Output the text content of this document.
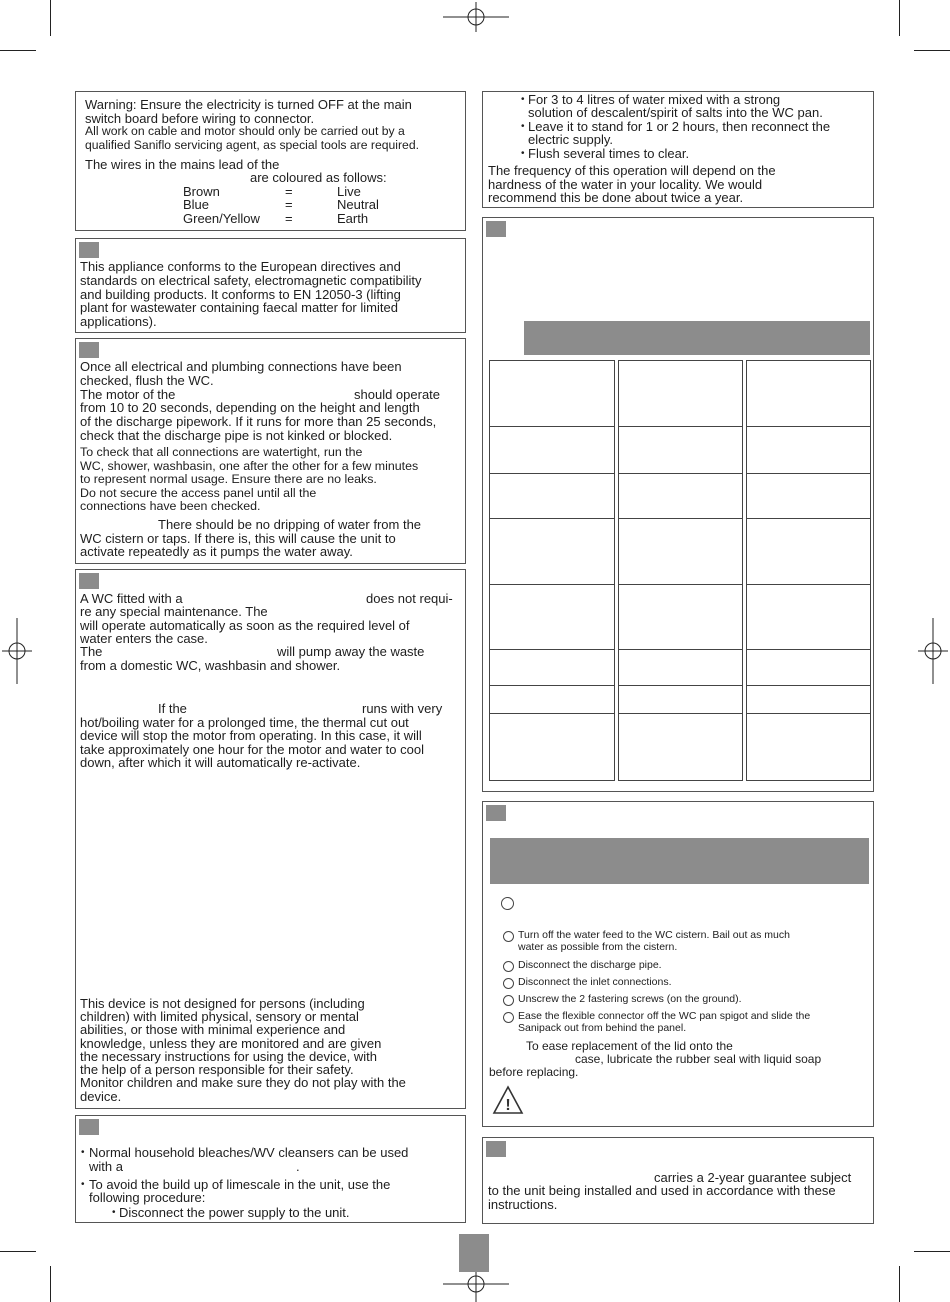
Warning: Ensure the electricity is turned OFF at the main
switch board before wiring to connector.
All work on cable and motor should only be carried out by a
qualified Saniflo servicing agent, as special tools are required.
The wires in the mains lead of the
are coloured as follows:
Brown	=	Live
Blue	=	Neutral
Green/Yellow =	Earth
This appliance conforms to the European directives and
standards on electrical safety, electromagnetic compatibility
and building products. It conforms to EN 12050-3 (lifting
plant for wastewater containing faecal matter for limited
applications).
Once all electrical and plumbing connections have been
checked, flush the WC.
The motor of the	should operate
from 10 to 20 seconds, depending on the height and length
of the discharge pipework. If it runs for more than 25 seconds,
check that the discharge pipe is not kinked or blocked.
To check that all connections are watertight, run the
WC, shower, washbasin, one after the other for a few minutes
to represent normal usage. Ensure there are no leaks.
Do not secure the access panel until all the
connections have been checked.
There should be no dripping of water from the
WC cistern or taps. If there is, this will cause the unit to
activate repeatedly as it pumps the water away.
A WC fitted with a	does not requi-
re any special maintenance. The
will operate automatically as soon as the required level of
water enters the case.
The	will pump away the waste
from a domestic WC, washbasin and shower.
If the	runs with very
hot/boiling water for a prolonged time, the thermal cut out
device will stop the motor from operating. In this case, it will
take approximately one hour for the motor and water to cool
down, after which it will automatically re-activate.
This device is not designed for persons (including
children) with limited physical, sensory or mental
abilities, or those with minimal experience and
knowledge, unless they are monitored and are given
the necessary instructions for using the device, with
the help of a person responsible for their safety.
Monitor children and make sure they do not play with the
device.
• Normal household bleaches/WV cleansers can be used
with a	.
• To avoid the build up of limescale in the unit, use the
following procedure:
• Disconnect the power supply to the unit.
• For 3 to 4 litres of water mixed with a strong
solution of descalent/spirit of salts into the WC pan.
• Leave it to stand for 1 or 2 hours, then reconnect the
electric supply.
• Flush several times to clear.
The frequency of this operation will depend on the
hardness of the water in your locality. We would
recommend this be done about twice a year.
Turn off the water feed to the WC cistern. Bail out as much
water as possible from the cistern.
Disconnect the discharge pipe.
Disconnect the inlet connections.
Unscrew the 2 fastering screws (on the ground).
Ease the flexible connector off the WC pan spigot and slide the
Sanipack out from behind the panel.
To ease replacement of the lid onto the
case, lubricate the rubber seal with liquid soap
before replacing.
!
carries a 2-year guarantee subject
to the unit being installed and used in accordance with these
instructions.
